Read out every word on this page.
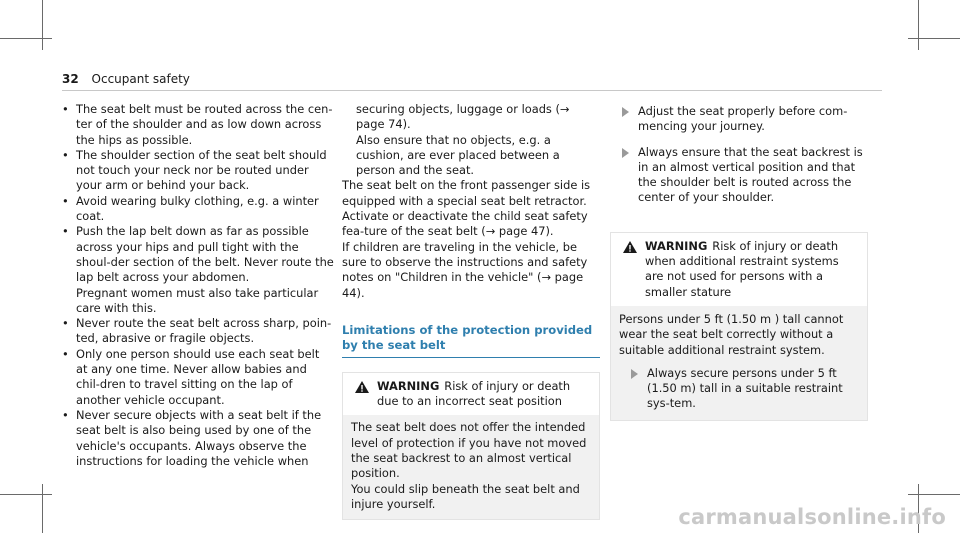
32 Occupant safety
• The seat belt must be routed across the cen-ter of the shoulder and as low down across the hips as possible.
• The shoulder section of the seat belt should not touch your neck nor be routed under your arm or behind your back.
• Avoid wearing bulky clothing, e.g. a winter coat.
• Push the lap belt down as far as possible across your hips and pull tight with the shoul-der section of the belt. Never route the lap belt across your abdomen.

Pregnant women must also take particular care with this.

• Never route the seat belt across sharp, poin-ted, abrasive or fragile objects.
• Only one person should use each seat belt at any one time. Never allow babies and chil-dren to travel sitting on the lap of another vehicle occupant.
• Never secure objects with a seat belt if the seat belt is also being used by one of the vehicle's occupants. Always observe the instructions for loading the vehicle when

securing objects, luggage or loads (→ page 74).

Also ensure that no objects, e.g. a cushion, are ever placed between a person and the seat.

The seat belt on the front passenger side is equipped with a special seat belt retractor.

Activate or deactivate the child seat safety fea-ture of the seat belt (→ page 47).

If children are traveling in the vehicle, be sure to observe the instructions and safety notes on "Children in the vehicle" (→ page 44).

Limitations of the protection provided by the seat belt
WARNING Risk of injury or death due to an incorrect seat position

The seat belt does not offer the intended level of protection if you have not moved the seat backrest to an almost vertical position.

You could slip beneath the seat belt and injure yourself.

Adjust the seat properly before com-mencing your journey.
Always ensure that the seat backrest is in an almost vertical position and that the shoulder belt is routed across the center of your shoulder.
WARNING Risk of injury or death when additional restraint systems are not used for persons with a smaller stature

Persons under 5 ft (1.50 m ) tall cannot wear the seat belt correctly without a suitable additional restraint system.

Always secure persons under 5 ft (1.50 m) tall in a suitable restraint sys-tem.
carmanualsonline.info
